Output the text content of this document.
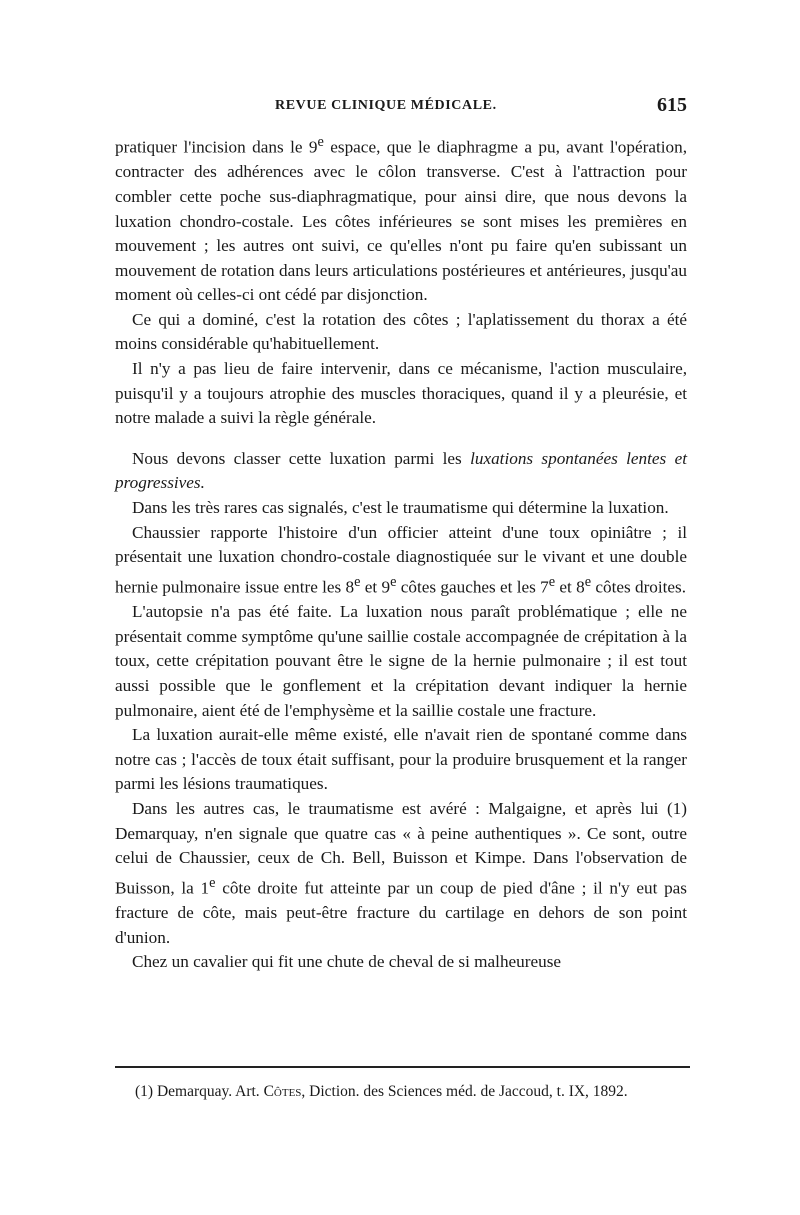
REVUE CLINIQUE MÉDICALE.	615

pratiquer l'incision dans le 9e espace, que le diaphragme a pu, avant l'opération, contracter des adhérences avec le côlon transverse. C'est à l'attraction pour combler cette poche sus-diaphragmatique, pour ainsi dire, que nous devons la luxation chondro-costale. Les côtes inférieures se sont mises les premières en mouvement ; les autres ont suivi, ce qu'elles n'ont pu faire qu'en subissant un mouvement de rotation dans leurs articulations postérieures et antérieures, jusqu'au moment où celles-ci ont cédé par disjonction.

Ce qui a dominé, c'est la rotation des côtes ; l'aplatissement du thorax a été moins considérable qu'habituellement.

Il n'y a pas lieu de faire intervenir, dans ce mécanisme, l'action musculaire, puisqu'il y a toujours atrophie des muscles thoraciques, quand il y a pleurésie, et notre malade a suivi la règle générale.

Nous devons classer cette luxation parmi les luxations spontanées lentes et progressives.

Dans les très rares cas signalés, c'est le traumatisme qui détermine la luxation.

Chaussier rapporte l'histoire d'un officier atteint d'une toux opiniâtre ; il présentait une luxation chondro-costale diagnostiquée sur le vivant et une double hernie pulmonaire issue entre les 8e et 9e côtes gauches et les 7e et 8e côtes droites.

L'autopsie n'a pas été faite. La luxation nous paraît problématique ; elle ne présentait comme symptôme qu'une saillie costale accompagnée de crépitation à la toux, cette crépitation pouvant être le signe de la hernie pulmonaire ; il est tout aussi possible que le gonflement et la crépitation devant indiquer la hernie pulmonaire, aient été de l'emphysème et la saillie costale une fracture.

La luxation aurait-elle même existé, elle n'avait rien de spontané comme dans notre cas ; l'accès de toux était suffisant, pour la produire brusquement et la ranger parmi les lésions traumatiques.

Dans les autres cas, le traumatisme est avéré : Malgaigne, et après lui (1) Demarquay, n'en signale que quatre cas « à peine authentiques ». Ce sont, outre celui de Chaussier, ceux de Ch. Bell, Buisson et Kimpe. Dans l'observation de Buisson, la 1e côte droite fut atteinte par un coup de pied d'âne ; il n'y eut pas fracture de côte, mais peut-être fracture du cartilage en dehors de son point d'union.

Chez un cavalier qui fit une chute de cheval de si malheureuse

(1) Demarquay. Art. Côtes, Diction. des Sciences méd. de Jaccoud, t. IX, 1892.
